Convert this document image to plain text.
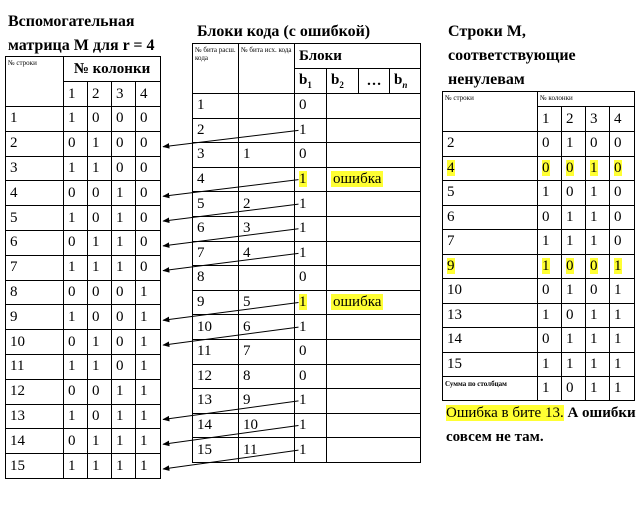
Вспомогательная
матрица M для r = 4
№ строки	№ колонки			
	1	2	3	4
1	1	0	0	0
2	0	1	0	0
3	1	1	0	0
4	0	0	1	0
5	1	0	1	0
6	0	1	1	0
7	1	1	1	0
8	0	0	0	1
9	1	0	0	1
10	0	1	0	1
11	1	1	0	1
12	0	0	1	1
13	1	0	1	1
14	0	1	1	1
15	1	1	1	1
Блоки кода (с ошибкой)
№ бита расш. кода	№ бита исх. кода	Блоки			
		$b_1$	$b_2$	…	$b_n$
1		0			
2		1			
3	1	0			
4		1	ошибка		
5	2	1			
6	3	1			
7	4	1			
8		0			
9	5	1	ошибка		
10	6	1			
11	7	0			
12	8	0			
13	9	1			
14	10	1			
15	11	1			
Строки M,
соответствующие
ненулевам
№ строки	№ колонки			
	1	2	3	4
2	0	1	0	0
4	0	0	1	0
5	1	0	1	0
6	0	1	1	0
7	1	1	1	0
9	1	0	0	1
10	0	1	0	1
13	1	0	1	1
14	0	1	1	1
15	1	1	1	1
Сумма по столбцам	1	0	1	1
Ошибка в бите 13. А ошибки совсем не там.
